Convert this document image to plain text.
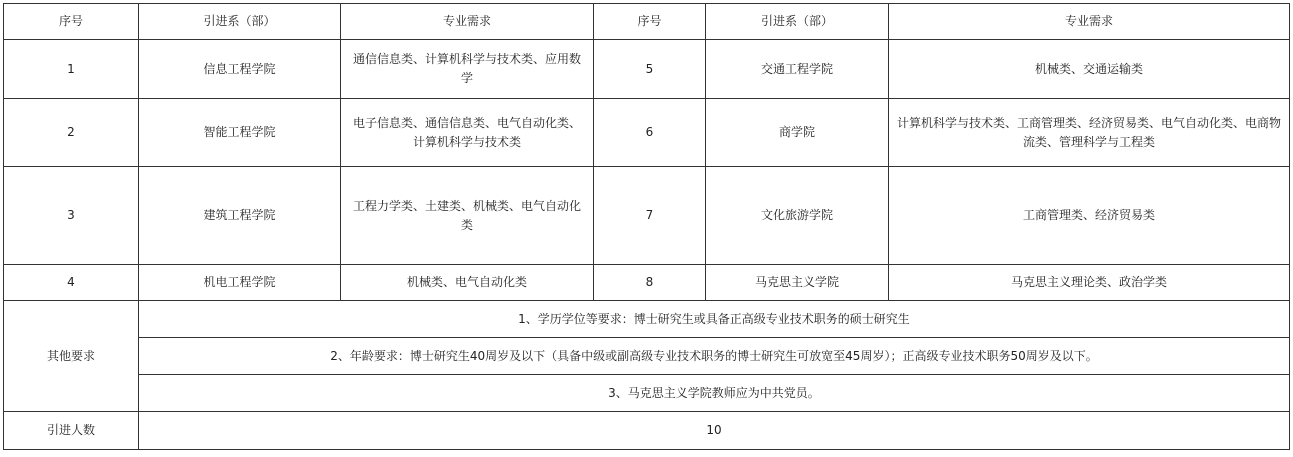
序号	引进系（部）	专业需求	序号	引进系（部）	专业需求
1	信息工程学院	通信信息类、计算机科学与技术类、应用数学	5	交通工程学院	机械类、交通运输类
2	智能工程学院	电子信息类、通信信息类、电气自动化类、计算机科学与技术类	6	商学院	计算机科学与技术类、工商管理类、经济贸易类、电气自动化类、电商物流类、管理科学与工程类
3	建筑工程学院	工程力学类、土建类、机械类、电气自动化类	7	文化旅游学院	工商管理类、经济贸易类
4	机电工程学院	机械类、电气自动化类	8	马克思主义学院	马克思主义理论类、政治学类
其他要求	1、学历学位等要求：博士研究生或具备正高级专业技术职务的硕士研究生				
	2、年龄要求：博士研究生40周岁及以下（具备中级或副高级专业技术职务的博士研究生可放宽至45周岁）；正高级专业技术职务50周岁及以下。				
	3、马克思主义学院教师应为中共党员。				
引进人数	10				
